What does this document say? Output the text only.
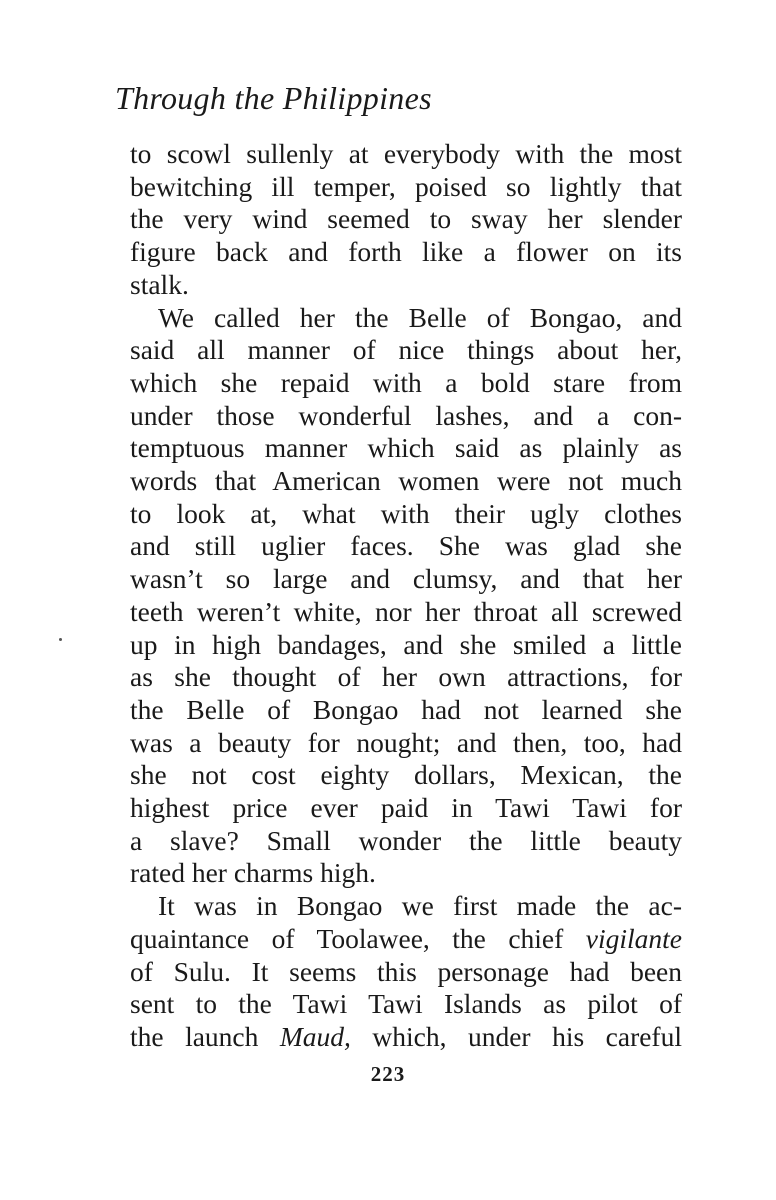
Through the Philippines
to scowl sullenly at everybody with the most
bewitching ill temper, poised so lightly that
the very wind seemed to sway her slender
figure back and forth like a flower on its
stalk.
We called her the Belle of Bongao, and
said all manner of nice things about her,
which she repaid with a bold stare from
under those wonderful lashes, and a con-
temptuous manner which said as plainly as
words that American women were not much
to look at, what with their ugly clothes
and still uglier faces. She was glad she
wasn’t so large and clumsy, and that her
teeth weren’t white, nor her throat all screwed
up in high bandages, and she smiled a little
as she thought of her own attractions, for
the Belle of Bongao had not learned she
was a beauty for nought; and then, too, had
she not cost eighty dollars, Mexican, the
highest price ever paid in Tawi Tawi for
a slave? Small wonder the little beauty
rated her charms high.
It was in Bongao we first made the ac-
quaintance of Toolawee, the chief vigilante
of Sulu. It seems this personage had been
sent to the Tawi Tawi Islands as pilot of
the launch Maud, which, under his careful
223
